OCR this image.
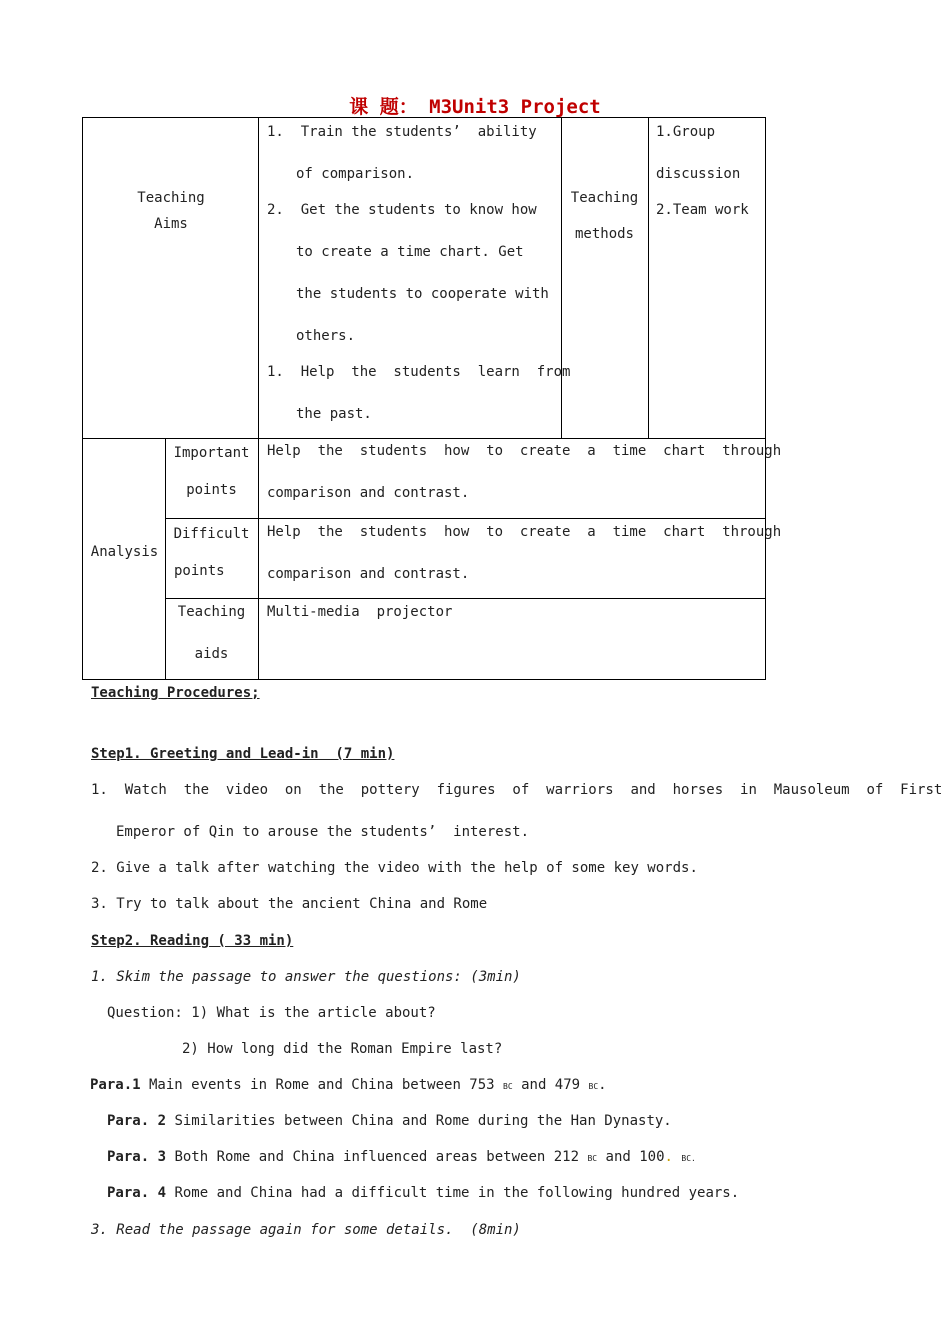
课 题： M3Unit3 Project
Teaching
Aims
1.  Train the students’  ability
of comparison.
2.  Get the students to know how
to create a time chart. Get
the students to cooperate with
others.
1.  Help  the  students  learn  from
the past.
Teaching
methods
1.Group
discussion
2.Team work
Analysis
Important
points
Help  the  students  how  to  create  a  time  chart  through
comparison and contrast.
Difficult
points
Help  the  students  how  to  create  a  time  chart  through
comparison and contrast.
Teaching
aids
Multi-media  projector
Teaching Procedures;
Step1. Greeting and Lead-in  (7 min)
1.  Watch  the  video  on  the  pottery  figures  of  warriors  and  horses  in  Mausoleum  of  First
Emperor of Qin to arouse the students’  interest.
2. Give a talk after watching the video with the help of some key words.
3. Try to talk about the ancient China and Rome
Step2. Reading ( 33 min)
1. Skim the passage to answer the questions: (3min)
Question: 1) What is the article about?
2) How long did the Roman Empire last?
Para.1 Main events in Rome and China between 753 BC and 479 BC.
Para. 2 Similarities between China and Rome during the Han Dynasty.
Para. 3 Both Rome and China influenced areas between 212 BC and 100. BC.
Para. 4 Rome and China had a difficult time in the following hundred years.
3. Read the passage again for some details.  (8min)
